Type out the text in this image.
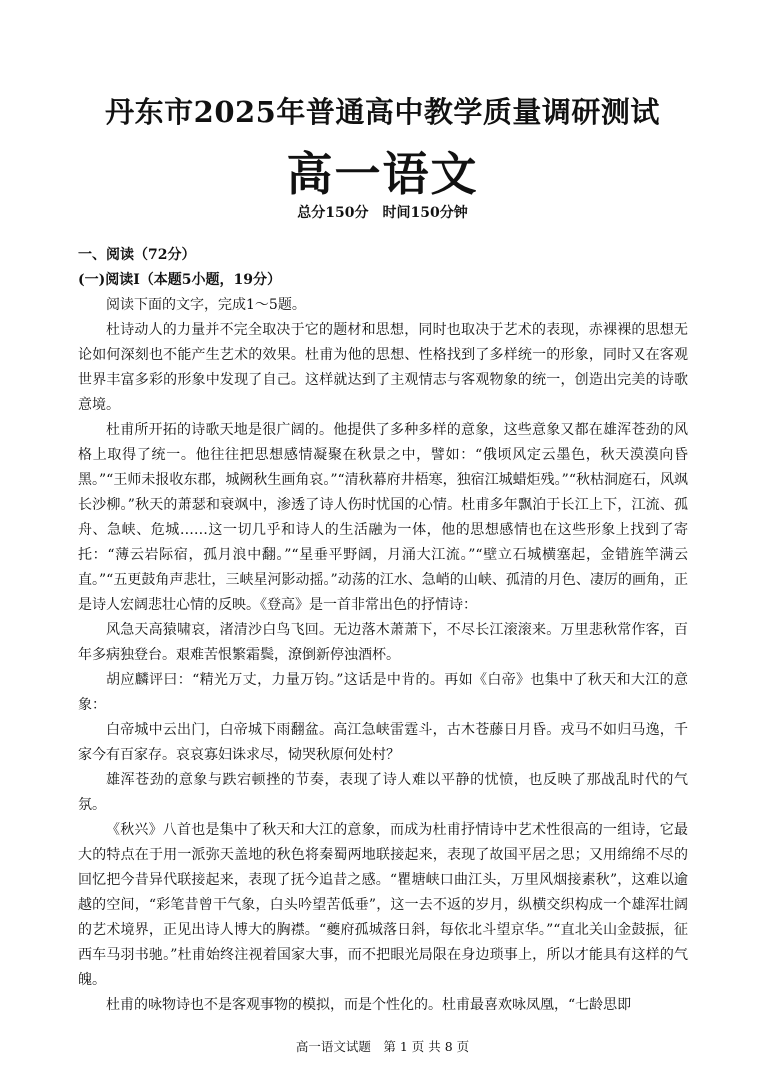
丹东市2025年普通高中教学质量调研测试
高一语文
总分150分　时间150分钟

一、阅读（72分）

(一)阅读Ⅰ（本题5小题，19分）

阅读下面的文字，完成1～5题。

杜诗动人的力量并不完全取决于它的题材和思想，同时也取决于艺术的表现，赤裸裸的思想无论如何深刻也不能产生艺术的效果。杜甫为他的思想、性格找到了多样统一的形象，同时又在客观世界丰富多彩的形象中发现了自己。这样就达到了主观情志与客观物象的统一，创造出完美的诗歌意境。

杜甫所开拓的诗歌天地是很广阔的。他提供了多种多样的意象，这些意象又都在雄浑苍劲的风格上取得了统一。他往往把思想感情凝聚在秋景之中，譬如：“俄顷风定云墨色，秋天漠漠向昏黑。”“王师未报收东郡，城阙秋生画角哀。”“清秋幕府井梧寒，独宿江城蜡炬残。”“秋枯洞庭石，风飒长沙柳。”秋天的萧瑟和衰飒中，渗透了诗人伤时忧国的心情。杜甫多年飘泊于长江上下，江流、孤舟、急峡、危城……这一切几乎和诗人的生活融为一体，他的思想感情也在这些形象上找到了寄托：“薄云岩际宿，孤月浪中翻。”“星垂平野阔，月涌大江流。”“壁立石城横塞起，金错旌竿满云直。”“五更鼓角声悲壮，三峡星河影动摇。”动荡的江水、急峭的山峡、孤清的月色、凄厉的画角，正是诗人宏阔悲壮心情的反映。《登高》是一首非常出色的抒情诗：

风急天高猿啸哀，渚清沙白鸟飞回。无边落木萧萧下，不尽长江滚滚来。万里悲秋常作客，百年多病独登台。艰难苦恨繁霜鬓，潦倒新停浊酒杯。

胡应麟评曰：“精光万丈，力量万钧。”这话是中肯的。再如《白帝》也集中了秋天和大江的意象：

白帝城中云出门，白帝城下雨翻盆。高江急峡雷霆斗，古木苍藤日月昏。戎马不如归马逸，千家今有百家存。哀哀寡妇诛求尽，恸哭秋原何处村？

雄浑苍劲的意象与跌宕顿挫的节奏，表现了诗人难以平静的忧愤，也反映了那战乱时代的气氛。

《秋兴》八首也是集中了秋天和大江的意象，而成为杜甫抒情诗中艺术性很高的一组诗，它最大的特点在于用一派弥天盖地的秋色将秦蜀两地联接起来，表现了故国平居之思；又用绵绵不尽的回忆把今昔异代联接起来，表现了抚今追昔之感。“瞿塘峡口曲江头，万里风烟接素秋”，这难以逾越的空间，“彩笔昔曾干气象，白头吟望苦低垂”，这一去不返的岁月，纵横交织构成一个雄浑壮阔的艺术境界，正见出诗人博大的胸襟。“夔府孤城落日斜，每依北斗望京华。”“直北关山金鼓振，征西车马羽书驰。”杜甫始终注视着国家大事，而不把眼光局限在身边琐事上，所以才能具有这样的气魄。

杜甫的咏物诗也不是客观事物的模拟，而是个性化的。杜甫最喜欢咏凤凰，“七龄思即

高一语文试题　第 1 页 共 8 页
